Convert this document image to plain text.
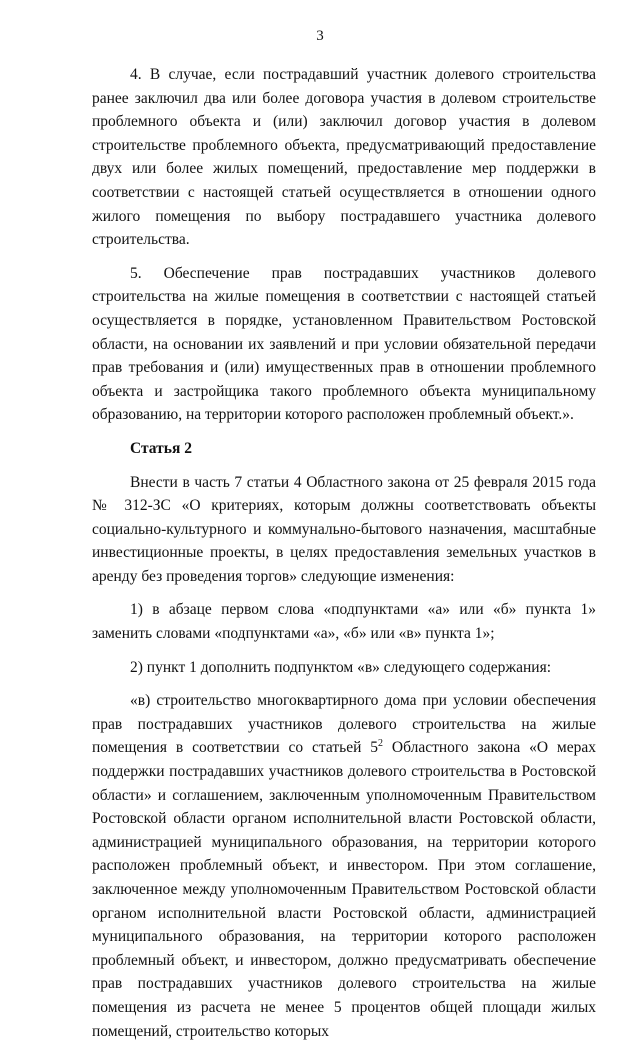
3

4. В случае, если пострадавший участник долевого строительства ранее заключил два или более договора участия в долевом строительстве проблемного объекта и (или) заключил договор участия в долевом строительстве проблемного объекта, предусматривающий предоставление двух или более жилых помещений, предоставление мер поддержки в соответствии с настоящей статьей осуществляется в отношении одного жилого помещения по выбору пострадавшего участника долевого строительства.

5. Обеспечение прав пострадавших участников долевого строительства на жилые помещения в соответствии с настоящей статьей осуществляется в порядке, установленном Правительством Ростовской области, на основании их заявлений и при условии обязательной передачи прав требования и (или) имущественных прав в отношении проблемного объекта и застройщика такого проблемного объекта муниципальному образованию, на территории которого расположен проблемный объект.».

Статья 2

Внести в часть 7 статьи 4 Областного закона от 25 февраля 2015 года № 312-ЗС «О критериях, которым должны соответствовать объекты социально-культурного и коммунально-бытового назначения, масштабные инвестиционные проекты, в целях предоставления земельных участков в аренду без проведения торгов» следующие изменения:

1) в абзаце первом слова «подпунктами «а» или «б» пункта 1» заменить словами «подпунктами «а», «б» или «в» пункта 1»;

2) пункт 1 дополнить подпунктом «в» следующего содержания:

«в) строительство многоквартирного дома при условии обеспечения прав пострадавших участников долевого строительства на жилые помещения в соответствии со статьей $5^2$ Областного закона «О мерах поддержки пострадавших участников долевого строительства в Ростовской области» и соглашением, заключенным уполномоченным Правительством Ростовской области органом исполнительной власти Ростовской области, администрацией муниципального образования, на территории которого расположен проблемный объект, и инвестором. При этом соглашение, заключенное между уполномоченным Правительством Ростовской области органом исполнительной власти Ростовской области, администрацией муниципального образования, на территории которого расположен проблемный объект, и инвестором, должно предусматривать обеспечение прав пострадавших участников долевого строительства на жилые помещения из расчета не менее 5 процентов общей площади жилых помещений, строительство которых
